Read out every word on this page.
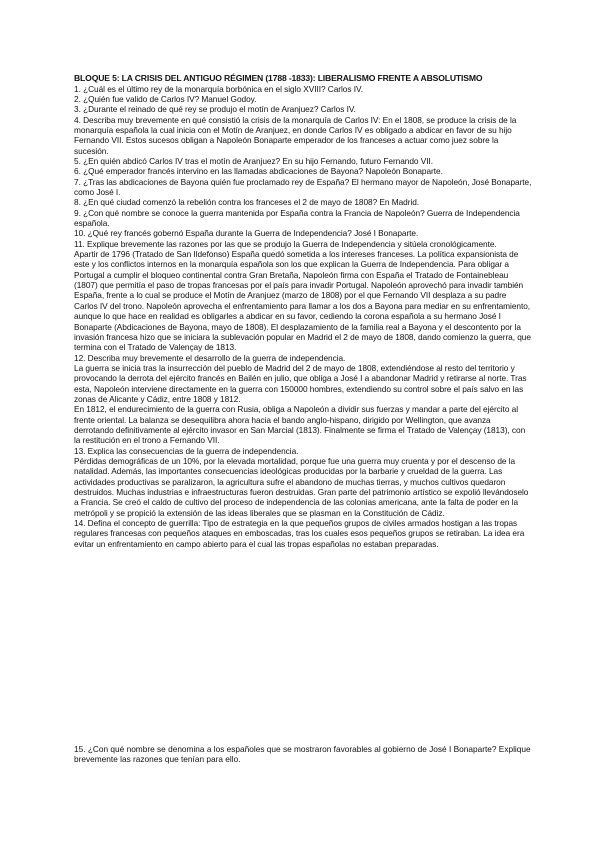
BLOQUE 5: LA CRISIS DEL ANTIGUO RÉGIMEN (1788 -1833): LIBERALISMO FRENTE A ABSOLUTISMO

1. ¿Cuál es el último rey de la monarquía borbónica en el siglo XVIII? Carlos IV.

2. ¿Quién fue valido de Carlos IV? Manuel Godoy.

3. ¿Durante el reinado de qué rey se produjo el motín de Aranjuez? Carlos IV.

4. Describa muy brevemente en qué consistió la crisis de la monarquía de Carlos IV: En el 1808, se produce la crisis de la monarquía española la cual inicia con el Motín de Aranjuez, en donde Carlos IV es obligado a abdicar en favor de su hijo Fernando VII. Estos sucesos obligan a Napoleón Bonaparte emperador de los franceses a actuar como juez sobre la sucesión.

5. ¿En quién abdicó Carlos IV tras el motín de Aranjuez? En su hijo Fernando, futuro Fernando VII.

6. ¿Qué emperador francés intervino en las llamadas abdicaciones de Bayona? Napoleón Bonaparte.

7. ¿Tras las abdicaciones de Bayona quién fue proclamado rey de España? El hermano mayor de Napoleón, José Bonaparte, como José I.

8. ¿En qué ciudad comenzó la rebelión contra los franceses el 2 de mayo de 1808? En Madrid.

9. ¿Con qué nombre se conoce la guerra mantenida por España contra la Francia de Napoleón? Guerra de Independencia española.

10. ¿Qué rey francés gobernó España durante la Guerra de Independencia? José I Bonaparte.

11. Explique brevemente las razones por las que se produjo la Guerra de Independencia y sitúela cronológicamente.

Apartir de 1796 (Tratado de San Ildefonso) España quedó sometida a los intereses franceses. La política expansionista de este y los conflictos internos en la monarquía española son los que explican la Guerra de Independencia. Para obligar a Portugal a cumplir el bloqueo continental contra Gran Bretaña, Napoleón firma con España el Tratado de Fontainebleau (1807) que permitía el paso de tropas francesas por el país para invadir Portugal. Napoleón aprovechó para invadir también España, frente a lo cual se produce el Motín de Aranjuez (marzo de 1808) por el que Fernando VII desplaza a su padre Carlos IV del trono. Napoleón aprovecha el enfrentamiento para llamar a los dos a Bayona para mediar en su enfrentamiento, aunque lo que hace en realidad es obligarles a abdicar en su favor, cediendo la corona española a su hermano José I Bonaparte (Abdicaciones de Bayona, mayo de 1808). El desplazamiento de la familia real a Bayona y el descontento por la invasión francesa hizo que se iniciara la sublevación popular en Madrid el 2 de mayo de 1808, dando comienzo la guerra, que termina con el Tratado de Valençay de 1813.

12. Describa muy brevemente el desarrollo de la guerra de independencia.

La guerra se inicia tras la insurrección del pueblo de Madrid del 2 de mayo de 1808, extendiéndose al resto del territorio y provocando la derrota del ejército francés en Bailén en julio, que obliga a José I a abandonar Madrid y retirarse al norte. Tras esta, Napoleón interviene directamente en la guerra con 150000 hombres, extendiendo su control sobre el país salvo en las zonas de Alicante y Cádiz, entre 1808 y 1812.

En 1812, el endurecimiento de la guerra con Rusia, obliga a Napoleón a dividir sus fuerzas y mandar a parte del ejército al frente oriental. La balanza se desequilibra ahora hacia el bando anglo-hispano, dirigido por Wellington, que avanza derrotando definitivamente al ejército invasor en San Marcial (1813). Finalmente se firma el Tratado de Valençay (1813), con la restitución en el trono a Fernando VII.

13. Explica las consecuencias de la guerra de independencia.

Pérdidas demográficas de un 10%, por la elevada mortalidad, porque fue una guerra muy cruenta y por el descenso de la natalidad. Además, las importantes consecuencias ideológicas producidas por la barbarie y crueldad de la guerra. Las actividades productivas se paralizaron, la agricultura sufre el abandono de muchas tierras, y muchos cultivos quedaron destruidos. Muchas industrias e infraestructuras fueron destruidas. Gran parte del patrimonio artístico se expolió llevándoselo a Francia. Se creó el caldo de cultivo del proceso de independencia de las colonias americana, ante la falta de poder en la metrópoli y se propició la extensión de las ideas liberales que se plasman en la Constitución de Cádiz.

14. Defina el concepto de guerrilla: Tipo de estrategia en la que pequeños grupos de civiles armados hostigan a las tropas regulares francesas con pequeños ataques en emboscadas, tras los cuales esos pequeños grupos se retiraban. La idea era evitar un enfrentamiento en campo abierto para el cual las tropas españolas no estaban preparadas.

15. ¿Con qué nombre se denomina a los españoles que se mostraron favorables al gobierno de José I Bonaparte? Explique brevemente las razones que tenían para ello.
